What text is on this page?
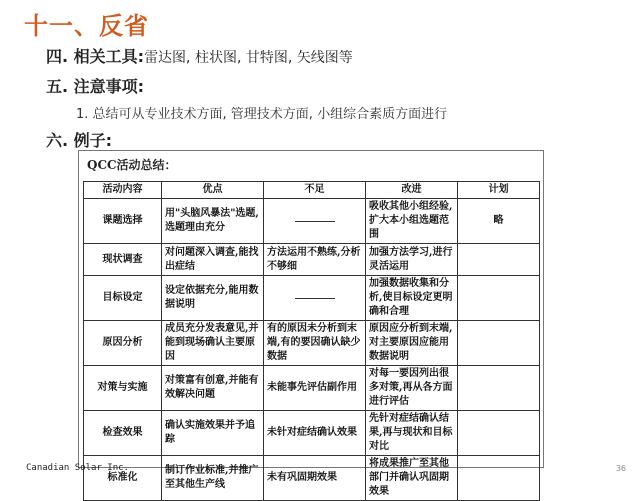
十一、反省
四. 相关工具:雷达图, 柱状图, 甘特图, 矢线图等
五. 注意事项:
1. 总结可从专业技术方面, 管理技术方面, 小组综合素质方面进行
六. 例子:
QCC活动总结：
活动内容	优点	不足	改进	计划
课题选择	用"头脑风暴法"选题,选题理由充分		吸收其他小组经验,扩大本小组选题范围	略
现状调查	对问题深入调查,能找出症结	方法运用不熟练,分析不够细	加强方法学习,进行灵活运用	
目标设定	设定依据充分,能用数据说明		加强数据收集和分析,使目标设定更明确和合理	
原因分析	成员充分发表意见,并能到现场确认主要原因	有的原因未分析到末端,有的要因确认缺少数据	原因应分析到末端,对主要原因应能用数据说明	
对策与实施	对策富有创意,并能有效解决问题	未能事先评估副作用	对每一要因列出很多对策,再从各方面进行评估	
检查效果	确认实施效果并予追踪	未针对症结确认效果	先针对症结确认结果,再与现状和目标对比	
标准化	制订作业标准,并推广至其他生产线	未有巩固期效果	将成果推广至其他部门并确认巩固期效果	
Canadian Solar Inc.	36
